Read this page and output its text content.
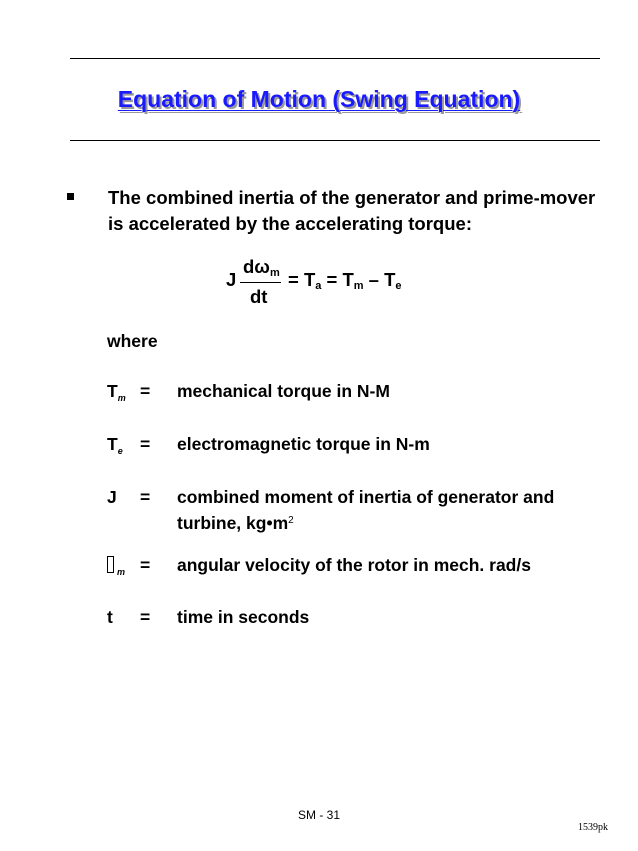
Equation of Motion (Swing Equation)
The combined inertia of the generator and prime-mover is accelerated by the accelerating torque:
J
$d\omega_m$
dt
= $T_a = T_m - T_e$
where
$T_m$ = mechanical torque in N-M
$T_e$ = electromagnetic torque in N-m
J	= combined moment of inertia of generator and turbine, $kg•m^2$
$_m$ = angular velocity of the rotor in mech. rad/s
t	= time in seconds
SM - 31
1539pk
